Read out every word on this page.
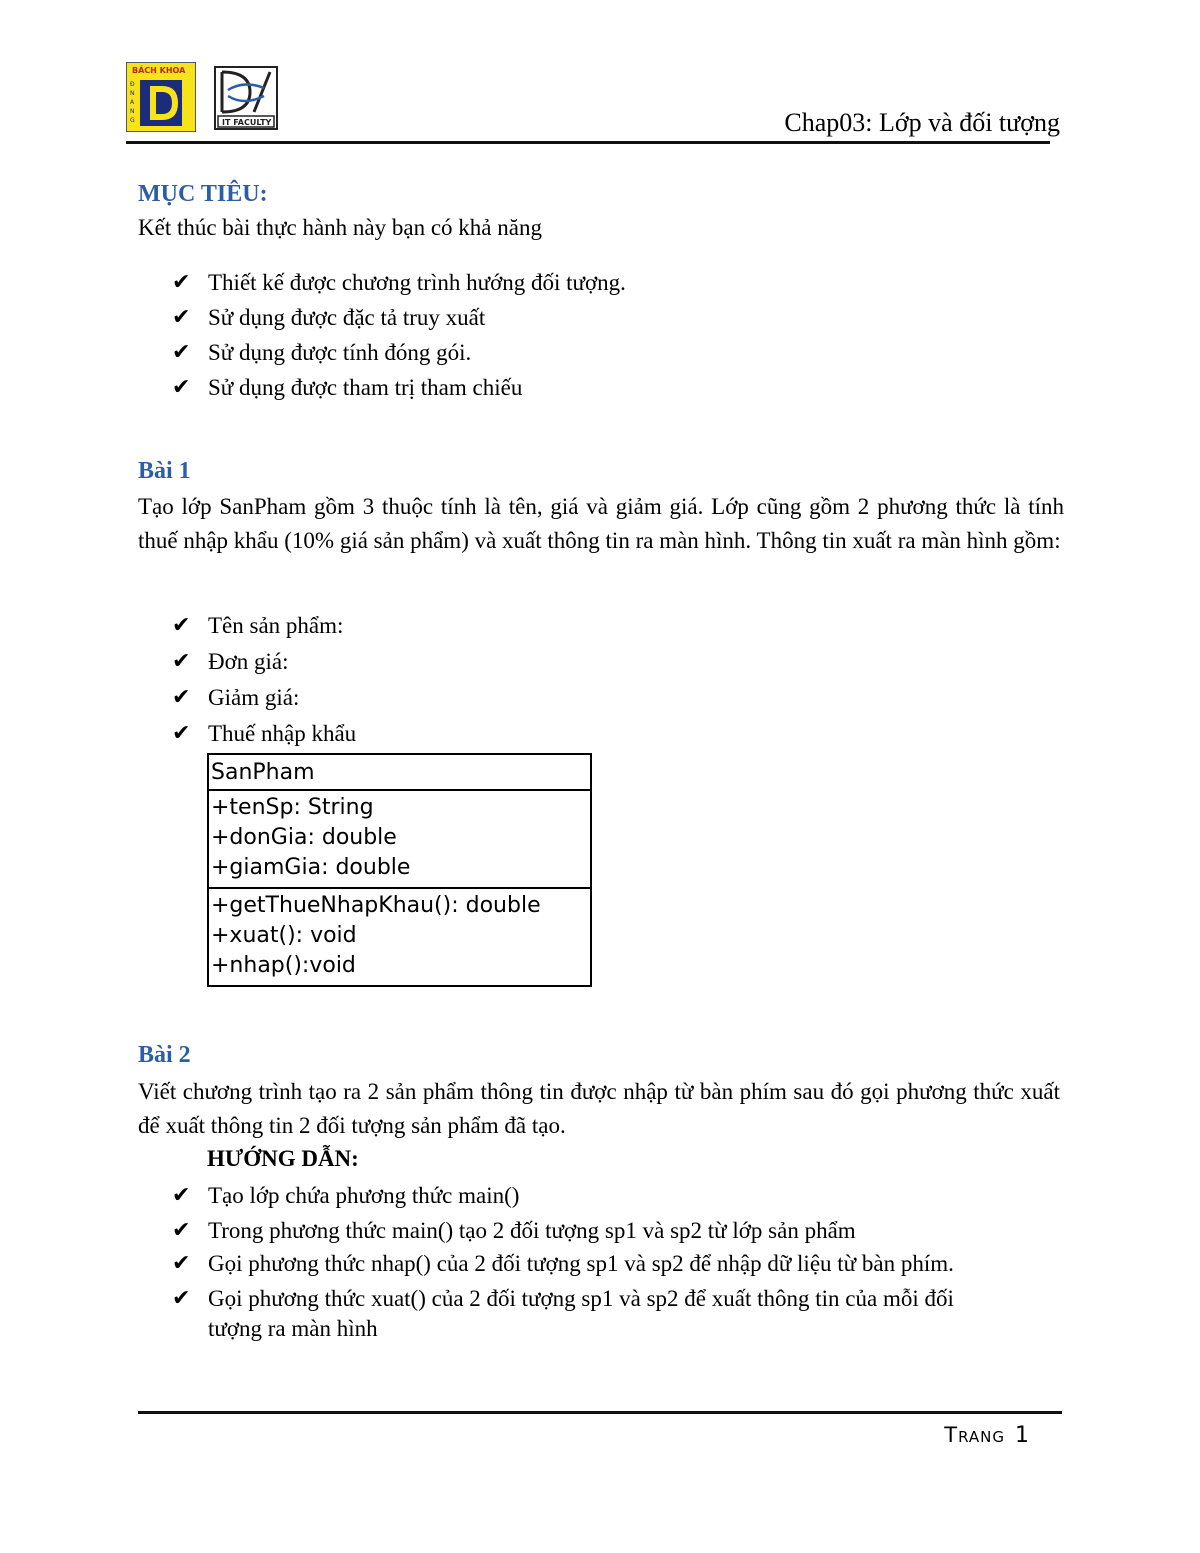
BÁCH KHOA
Đ
N
A
N
G	IT FACULTY	Chap03: Lớp và đối tượng
MỤC TIÊU:
Kết thúc bài thực hành này bạn có khả năng
✔ Thiết kế được chương trình hướng đối tượng.
✔ Sử dụng được đặc tả truy xuất
✔ Sử dụng được tính đóng gói.
✔ Sử dụng được tham trị tham chiếu
Bài 1
Tạo lớp SanPham gồm 3 thuộc tính là tên, giá và giảm giá. Lớp cũng gồm 2 phương thức là tính thuế nhập khẩu (10% giá sản phẩm) và xuất thông tin ra màn hình. Thông tin xuất ra màn hình gồm:
✔ Tên sản phẩm:
✔ Đơn giá:
✔ Giảm giá:
✔ Thuế nhập khẩu
SanPham
+tenSp: String
+donGia: double
+giamGia: double
+getThueNhapKhau(): double
+xuat(): void
+nhap():void
Bài 2
Viết chương trình tạo ra 2 sản phẩm thông tin được nhập từ bàn phím sau đó gọi phương thức xuất để xuất thông tin 2 đối tượng sản phẩm đã tạo.
HƯỚNG DẪN:
✔ Tạo lớp chứa phương thức main()
✔ Trong phương thức main() tạo 2 đối tượng sp1 và sp2 từ lớp sản phẩm
✔ Gọi phương thức nhap() của 2 đối tượng sp1 và sp2 để nhập dữ liệu từ bàn phím.
✔ Gọi phương thức xuat() của 2 đối tượng sp1 và sp2 để xuất thông tin của mỗi đối
tượng ra màn hình
Trang 1
